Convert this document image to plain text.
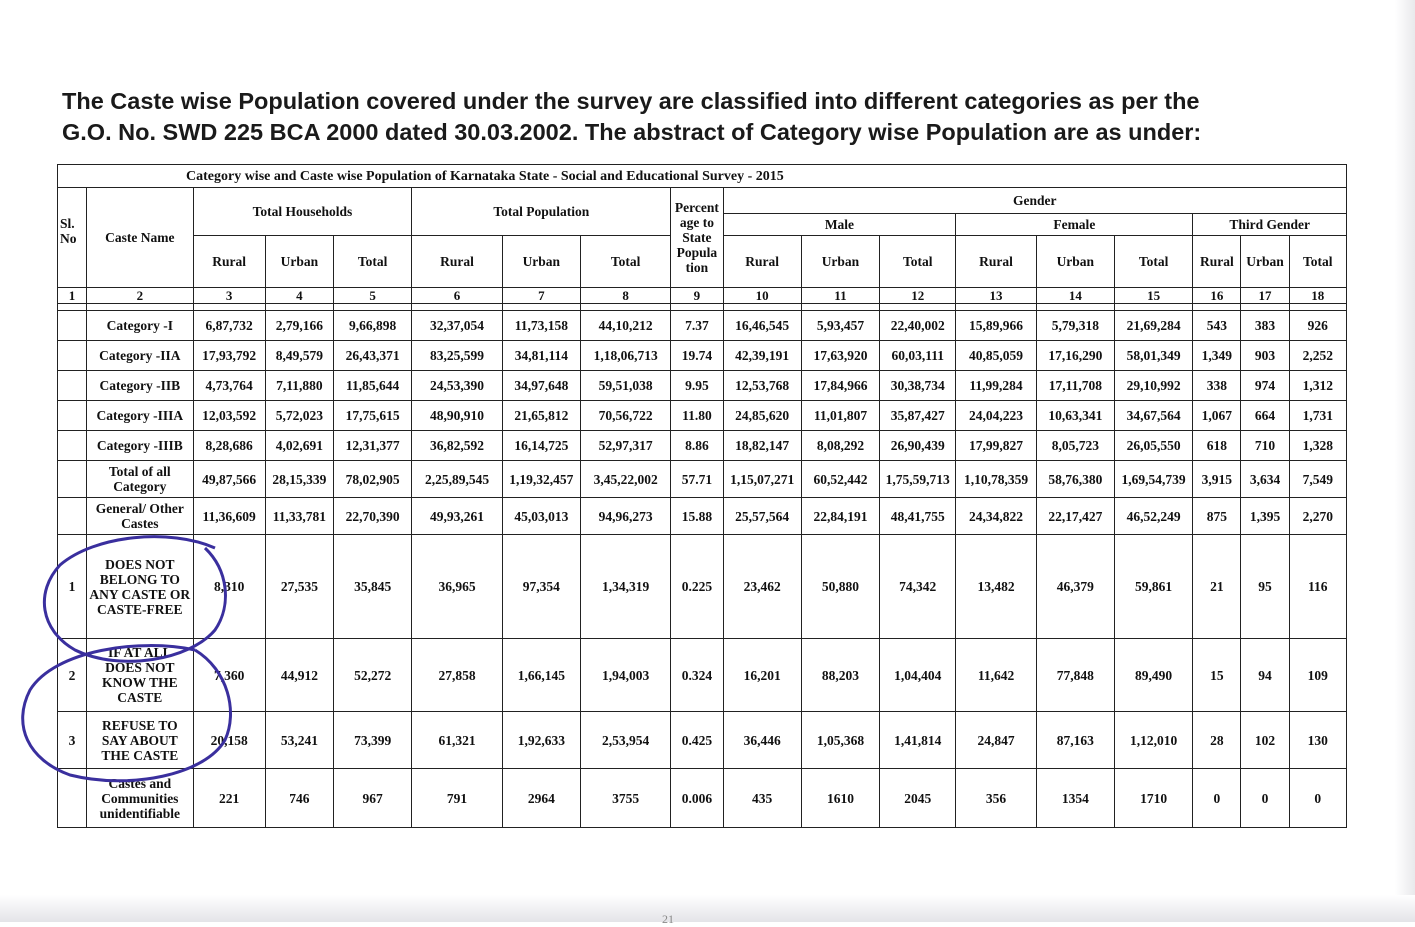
The Caste wise Population covered under the survey are classified into different categories as per the
G.O. No. SWD 225 BCA 2000 dated 30.03.2002. The abstract of Category wise Population are as under:
Category wise and Caste wise Population of Karnataka State - Social and Educational Survey - 2015																	
Sl. No	Caste Name	Total Households			Total Population			Percent age to State Popula tion	Gender								
									Male			Female			Third Gender		
		Rural	Urban	Total	Rural	Urban	Total		Rural	Urban	Total	Rural	Urban	Total	Rural	Urban	Total
1	2	3	4	5	6	7	8	9	10	11	12	13	14	15	16	17	18

	Category -I	6,87,732	2,79,166	9,66,898	32,37,054	11,73,158	44,10,212	7.37	16,46,545	5,93,457	22,40,002	15,89,966	5,79,318	21,69,284	543	383	926
	Category -IIA	17,93,792	8,49,579	26,43,371	83,25,599	34,81,114	1,18,06,713	19.74	42,39,191	17,63,920	60,03,111	40,85,059	17,16,290	58,01,349	1,349	903	2,252
	Category -IIB	4,73,764	7,11,880	11,85,644	24,53,390	34,97,648	59,51,038	9.95	12,53,768	17,84,966	30,38,734	11,99,284	17,11,708	29,10,992	338	974	1,312
	Category -IIIA	12,03,592	5,72,023	17,75,615	48,90,910	21,65,812	70,56,722	11.80	24,85,620	11,01,807	35,87,427	24,04,223	10,63,341	34,67,564	1,067	664	1,731
	Category -IIIB	8,28,686	4,02,691	12,31,377	36,82,592	16,14,725	52,97,317	8.86	18,82,147	8,08,292	26,90,439	17,99,827	8,05,723	26,05,550	618	710	1,328
	Total of all Category	49,87,566	28,15,339	78,02,905	2,25,89,545	1,19,32,457	3,45,22,002	57.71	1,15,07,271	60,52,442	1,75,59,713	1,10,78,359	58,76,380	1,69,54,739	3,915	3,634	7,549
	General/ Other Castes	11,36,609	11,33,781	22,70,390	49,93,261	45,03,013	94,96,273	15.88	25,57,564	22,84,191	48,41,755	24,34,822	22,17,427	46,52,249	875	1,395	2,270
1	DOES NOT BELONG TO ANY CASTE OR CASTE-FREE	8,310	27,535	35,845	36,965	97,354	1,34,319	0.225	23,462	50,880	74,342	13,482	46,379	59,861	21	95	116
2	IF AT ALL DOES NOT KNOW THE CASTE	7,360	44,912	52,272	27,858	1,66,145	1,94,003	0.324	16,201	88,203	1,04,404	11,642	77,848	89,490	15	94	109
3	REFUSE TO SAY ABOUT THE CASTE	20,158	53,241	73,399	61,321	1,92,633	2,53,954	0.425	36,446	1,05,368	1,41,814	24,847	87,163	1,12,010	28	102	130
	Castes and Communities unidentifiable	221	746	967	791	2964	3755	0.006	435	1610	2045	356	1354	1710	0	0	0
21
